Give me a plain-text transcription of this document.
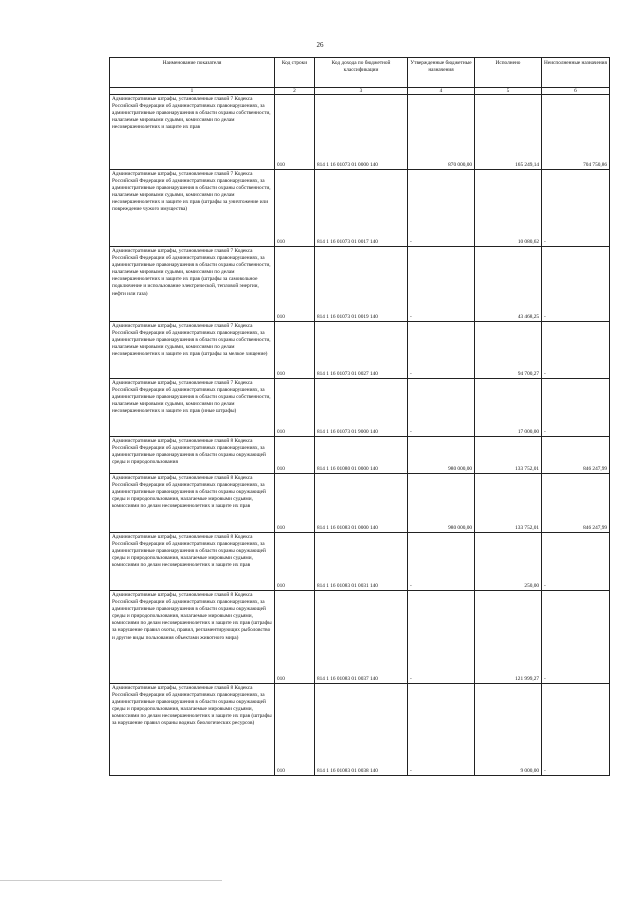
26
Наименование показателя	Код строки	Код дохода по бюджетной классификации	Утвержденные бюджетные назначения	Исполнено	Неисполненные назначения
1	2	3	4	5	6
Административные штрафы, установленные главой 7 Кодекса Российской Федерации об административных правонарушениях, за административные правонарушения в области охраны собственности, налагаемые мировыми судьями, комиссиями по делам несовершеннолетних и защите их прав	010	814 1 16 01073 01 0000 140	870 000,00	165 249,14	704 750,86
Административные штрафы, установленные главой 7 Кодекса Российской Федерации об административных правонарушениях, за административные правонарушения в области охраны собственности, налагаемые мировыми судьями, комиссиями по делам несовершеннолетних и защите их прав (штрафы за уничтожение или повреждение чужого имущества)	010	814 1 16 01073 01 0017 140	-	10 080,62	-
Административные штрафы, установленные главой 7 Кодекса Российской Федерации об административных правонарушениях, за административные правонарушения в области охраны собственности, налагаемые мировыми судьями, комиссиями по делам несовершеннолетних и защите их прав (штрафы за самовольное подключение и использование электрической, тепловой энергии, нефти или газа)	010	814 1 16 01073 01 0019 140	-	43 468,25	-
Административные штрафы, установленные главой 7 Кодекса Российской Федерации об административных правонарушениях, за административные правонарушения в области охраны собственности, налагаемые мировыми судьями, комиссиями по делам несовершеннолетних и защите их прав (штрафы за мелкое хищение)	010	814 1 16 01073 01 0027 140	-	94 700,27	-
Административные штрафы, установленные главой 7 Кодекса Российской Федерации об административных правонарушениях, за административные правонарушения в области охраны собственности, налагаемые мировыми судьями, комиссиями по делам несовершеннолетних и защите их прав (иные штрафы)	010	814 1 16 01073 01 9000 140	-	17 000,00	-
Административные штрафы, установленные главой 8 Кодекса Российской Федерации об административных правонарушениях, за административные правонарушения в области охраны окружающей среды и природопользования	010	814 1 16 01080 01 0000 140	980 000,00	133 752,01	846 247,99
Административные штрафы, установленные главой 8 Кодекса Российской Федерации об административных правонарушениях, за административные правонарушения в области охраны окружающей среды и природопользования, налагаемые мировыми судьями, комиссиями по делам несовершеннолетних и защите их прав	010	814 1 16 01083 01 0000 140	980 000,00	133 752,01	846 247,99
Административные штрафы, установленные главой 8 Кодекса Российской Федерации об административных правонарушениях, за административные правонарушения в области охраны окружающей среды и природопользования, налагаемые мировыми судьями, комиссиями по делам несовершеннолетних и защите их прав	010	814 1 16 01083 01 0031 140	-	250,00	-
Административные штрафы, установленные главой 8 Кодекса Российской Федерации об административных правонарушениях, за административные правонарушения в области охраны окружающей среды и природопользования, налагаемые мировыми судьями, комиссиями по делам несовершеннолетних и защите их прав (штрафы за нарушение правил охоты, правил, регламентирующих рыболовство и другие виды пользования объектами животного мира)	010	814 1 16 01083 01 0037 140	-	121 999,27	-
Административные штрафы, установленные главой 8 Кодекса Российской Федерации об административных правонарушениях, за административные правонарушения в области охраны окружающей среды и природопользования, налагаемые мировыми судьями, комиссиями по делам несовершеннолетних и защите их прав (штрафы за нарушение правил охраны водных биологических ресурсов)	010	814 1 16 01083 01 0038 140	-	9 000,00	-
